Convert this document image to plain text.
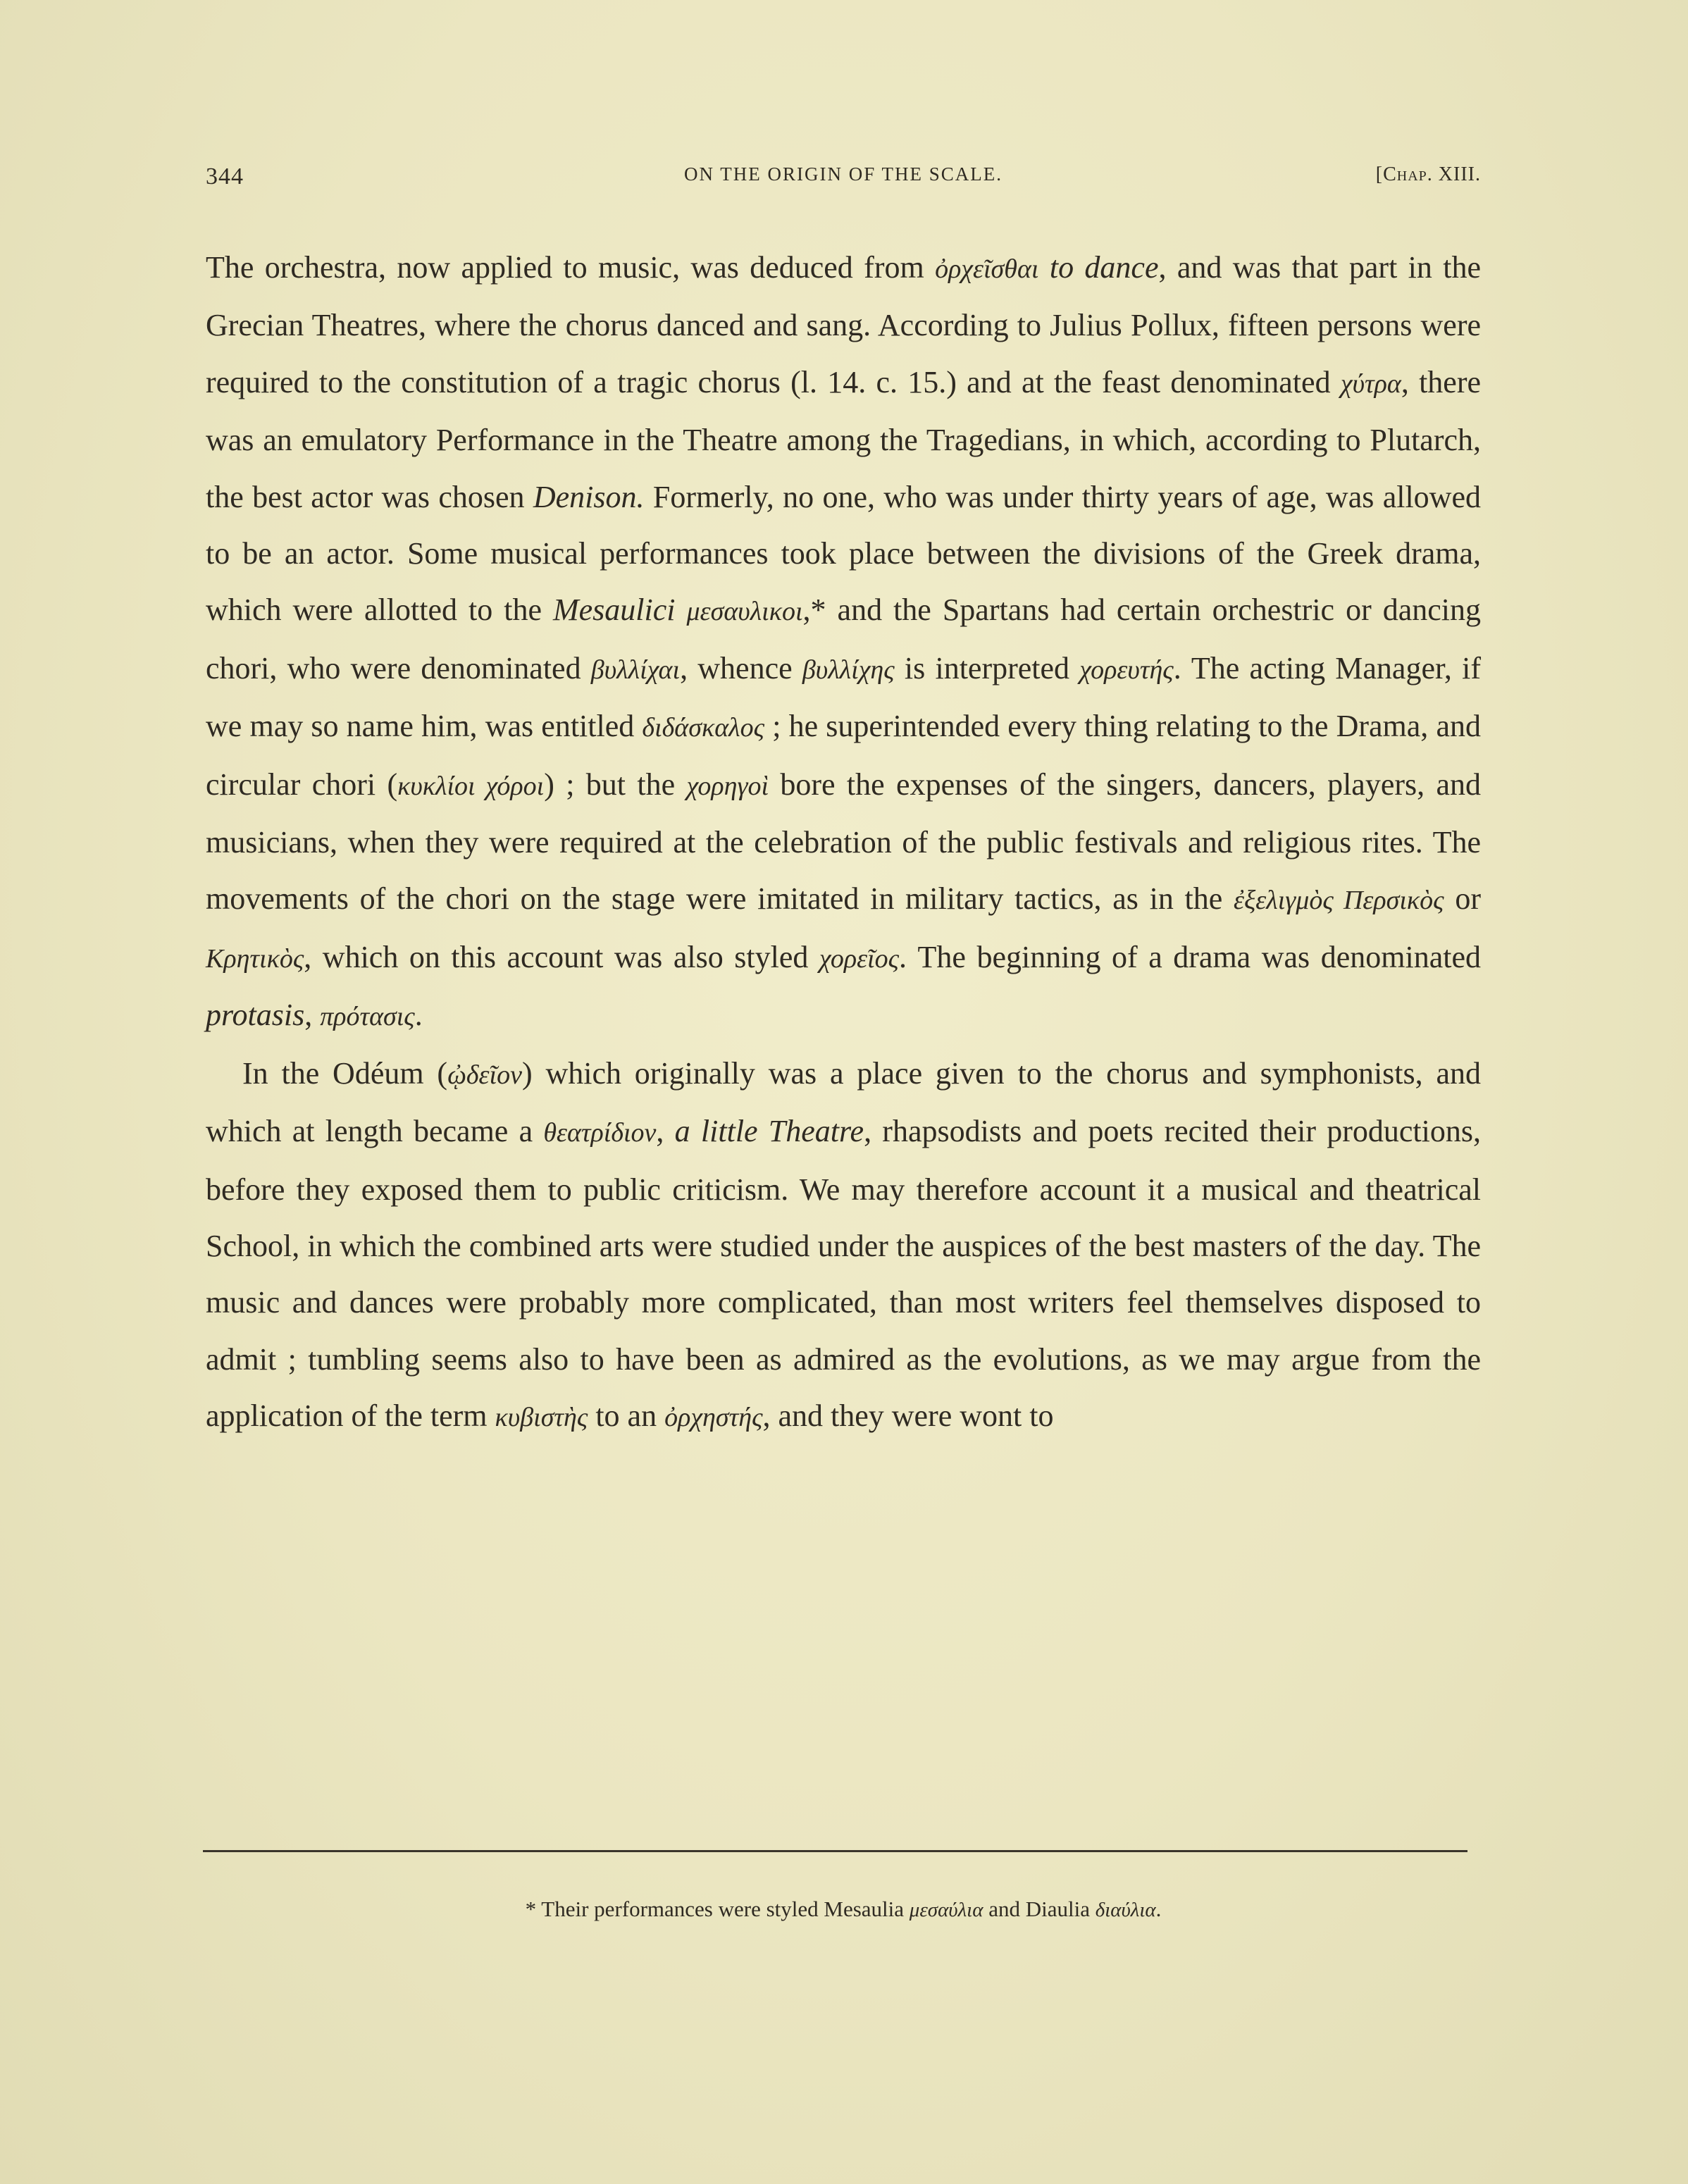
344	ON THE ORIGIN OF THE SCALE.	[Chap. XIII.

The orchestra, now applied to music, was deduced from ὀρχεῖσθαι to dance, and was that part in the Grecian Theatres, where the chorus danced and sang. According to Julius Pollux, fifteen persons were required to the constitution of a tragic chorus (l. 14. c. 15.) and at the feast denominated χύτρα, there was an emulatory Performance in the Theatre among the Tragedians, in which, according to Plutarch, the best actor was chosen Denison. Formerly, no one, who was under thirty years of age, was allowed to be an actor. Some musical performances took place between the divisions of the Greek drama, which were allotted to the Mesaulici μεσαυλικοι,* and the Spartans had certain orchestric or dancing chori, who were denominated βυλλίχαι, whence βυλλίχης is interpreted χορευτής. The acting Manager, if we may so name him, was entitled διδάσκαλος ; he superintended every thing relating to the Drama, and circular chori (κυκλίοι χόροι) ; but the χορηγοὶ bore the expenses of the singers, dancers, players, and musicians, when they were required at the celebration of the public festivals and religious rites. The movements of the chori on the stage were imitated in military tactics, as in the ἐξελιγμὸς Περσικὸς or Κρητικὸς, which on this account was also styled χορεῖος. The beginning of a drama was denominated protasis, πρότασις.

In the Odéum (ᾠδεῖον) which originally was a place given to the chorus and symphonists, and which at length became a θεατρίδιον, a little Theatre, rhapsodists and poets recited their productions, before they exposed them to public criticism. We may therefore account it a musical and theatrical School, in which the combined arts were studied under the auspices of the best masters of the day. The music and dances were probably more complicated, than most writers feel themselves disposed to admit ; tumbling seems also to have been as admired as the evolutions, as we may argue from the application of the term κυβιστὴς to an ὀρχηστής, and they were wont to

* Their performances were styled Mesaulia μεσαύλια and Diaulia διαύλια.
